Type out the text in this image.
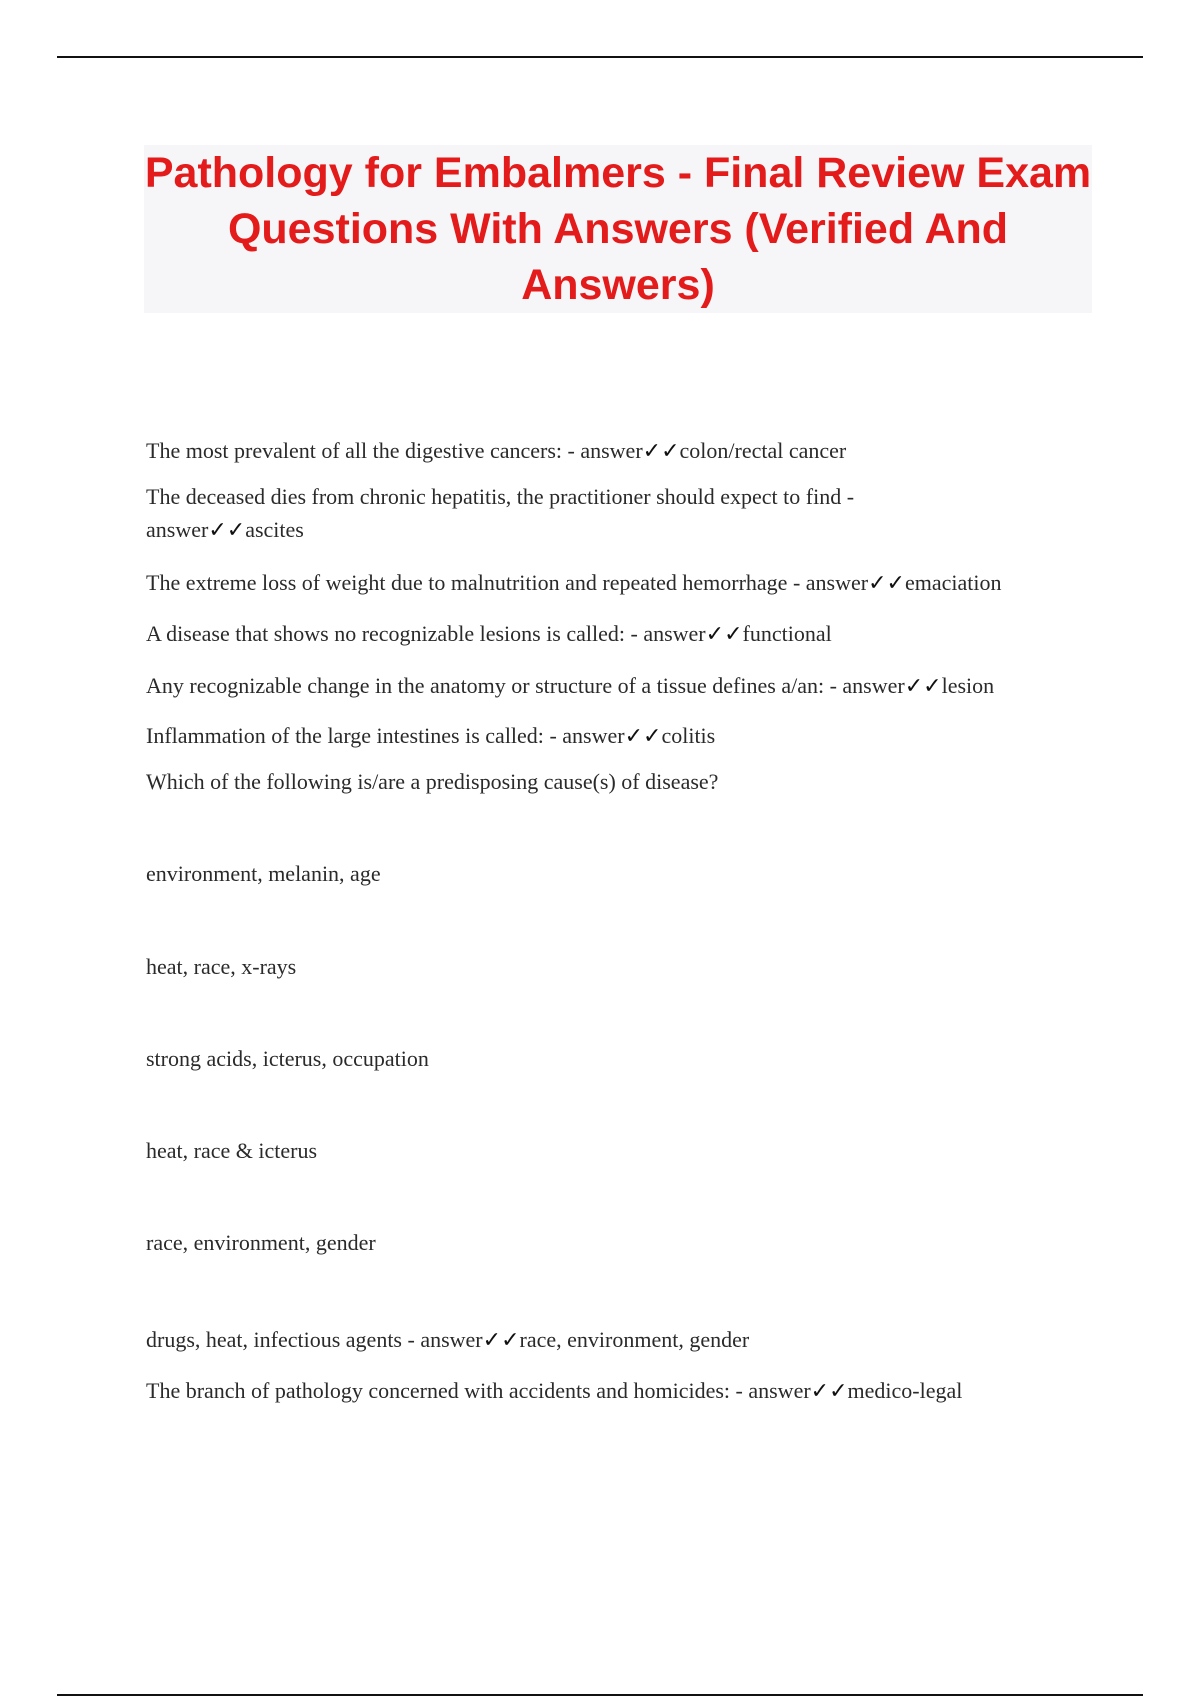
Pathology for Embalmers - Final Review Exam Questions With Answers (Verified And Answers)
The most prevalent of all the digestive cancers: - answer✓✓colon/rectal cancer
The deceased dies from chronic hepatitis, the practitioner should expect to find - answer✓✓ascites
The extreme loss of weight due to malnutrition and repeated hemorrhage - answer✓✓emaciation
A disease that shows no recognizable lesions is called: - answer✓✓functional
Any recognizable change in the anatomy or structure of a tissue defines a/an: - answer✓✓lesion
Inflammation of the large intestines is called: - answer✓✓colitis
Which of the following is/are a predisposing cause(s) of disease?
environment, melanin, age
heat, race, x-rays
strong acids, icterus, occupation
heat, race & icterus
race, environment, gender
drugs, heat, infectious agents - answer✓✓race, environment, gender
The branch of pathology concerned with accidents and homicides: - answer✓✓medico-legal
